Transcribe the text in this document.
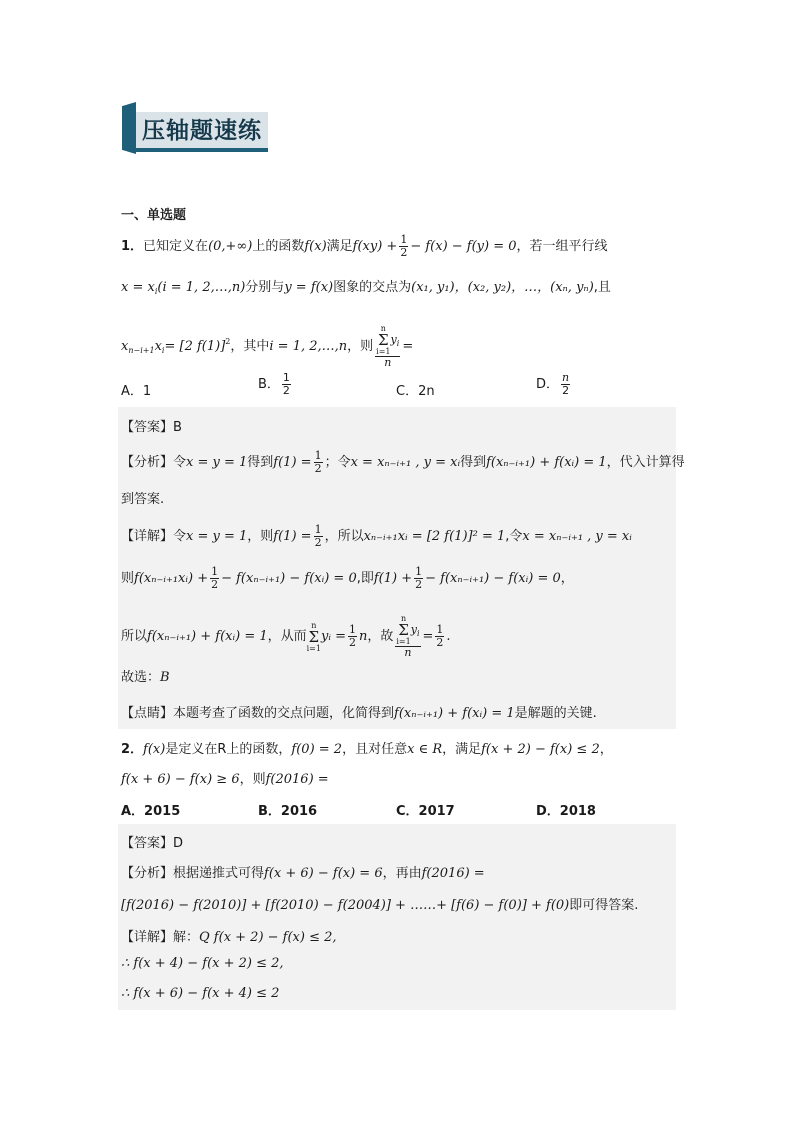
压轴题速练
一、单选题
1．已知定义在(0,+∞)上的函数f(x)满足$f(xy) + \frac{1}{2} - f(x) - f(y) = 0$，若一组平行线
$x = x_i(i = 1$, 2,…,n)分别与y = f(x)图象的交点为(x₁, y₁)，(x₂, y₂)，…，(xₙ, yₙ),且
$x_{n-i+1}x_i= [2$ f(1)]$^2$，其中i = 1, 2,…,n，则 n
Σ
i=1
$y_i$
n =
A．1	B． $\frac{1}{2}$	C．2n	D． $\frac{n}{2}$
【答案】B
【分析】令x = y = 1得到$f(1) = \frac{1}{2}$ ；令x = xₙ₋ᵢ₊₁ , y = xᵢ得到f(xₙ₋ᵢ₊₁) + f(xᵢ) = 1，代入计算得
到答案.
【详解】令x = y = 1，则$f(1) = \frac{1}{2}$ ，所以xₙ₋ᵢ₊₁xᵢ = [2 f(1)]² = 1,令x = xₙ₋ᵢ₊₁ , y = xᵢ
则f(xₙ₋ᵢ₊₁xᵢ) + $\frac{1}{2}$ − f(xₙ₋ᵢ₊₁) − f(xᵢ) = 0,即$f(1) + \frac{1}{2}$ − f(xₙ₋ᵢ₊₁) − f(xᵢ) = 0，
所以f(xₙ₋ᵢ₊₁) + f(xᵢ) = 1，从而
n
Σ
i=1
yᵢ = $\frac{1}{2}$ n，故 n
Σ
i=1
$y_i$
$n = \frac{1}{2}$ .
故选：B
【点睛】本题考查了函数的交点问题，化简得到f(xₙ₋ᵢ₊₁) + f(xᵢ) = 1是解题的关键.
2．f(x)是定义在R上的函数，f(0) = 2，且对任意x ∈ R，满足f(x + 2) − f(x) ≤ 2，
f(x + 6) − f(x) ≥ 6，则f(2016) =
A．2015	B．2016	C．2017	D．2018
【答案】D
【分析】根据递推式可得f(x + 6) − f(x) = 6，再由f(2016) =
[f(2016) − f(2010)] + [f(2010) − f(2004)] + ……+ [f(6) − f(0)] + f(0)即可得答案.
【详解】解：Q f(x + 2) − f(x) ≤ 2,
∴ f(x + 4) − f(x + 2) ≤ 2,
∴ f(x + 6) − f(x + 4) ≤ 2
